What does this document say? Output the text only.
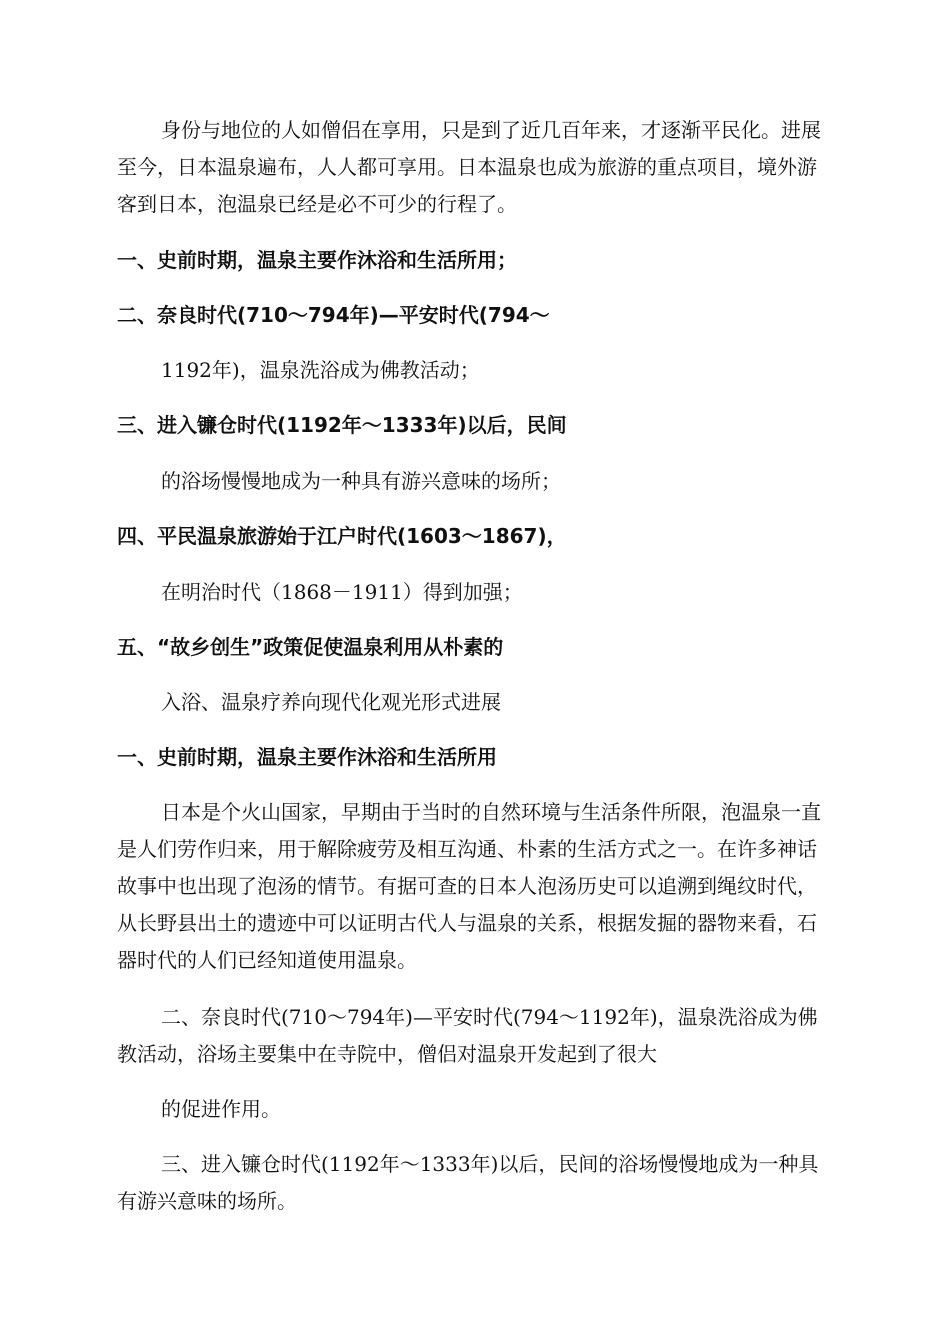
身份与地位的人如僧侣在享用，只是到了近几百年来，才逐渐平民化。进展至今，日本温泉遍布，人人都可享用。日本温泉也成为旅游的重点项目，境外游客到日本，泡温泉已经是必不可少的行程了。

一、史前时期，温泉主要作沐浴和生活所用；

二、奈良时代(710～794年)—平安时代(794～

1192年)，温泉洗浴成为佛教活动；

三、进入镰仓时代(1192年～1333年)以后，民间

的浴场慢慢地成为一种具有游兴意味的场所；

四、平民温泉旅游始于江户时代(1603～1867)，

在明治时代（1868－1911）得到加强；

五、“故乡创生”政策促使温泉利用从朴素的

入浴、温泉疗养向现代化观光形式进展

一、史前时期，温泉主要作沐浴和生活所用

日本是个火山国家，早期由于当时的自然环境与生活条件所限，泡温泉一直是人们劳作归来，用于解除疲劳及相互沟通、朴素的生活方式之一。在许多神话故事中也出现了泡汤的情节。有据可查的日本人泡汤历史可以追溯到绳纹时代，从长野县出土的遗迹中可以证明古代人与温泉的关系，根据发掘的器物来看，石器时代的人们已经知道使用温泉。

二、奈良时代(710～794年)—平安时代(794～1192年)，温泉洗浴成为佛教活动，浴场主要集中在寺院中，僧侣对温泉开发起到了很大

的促进作用。

三、进入镰仓时代(1192年～1333年)以后，民间的浴场慢慢地成为一种具有游兴意味的场所。
